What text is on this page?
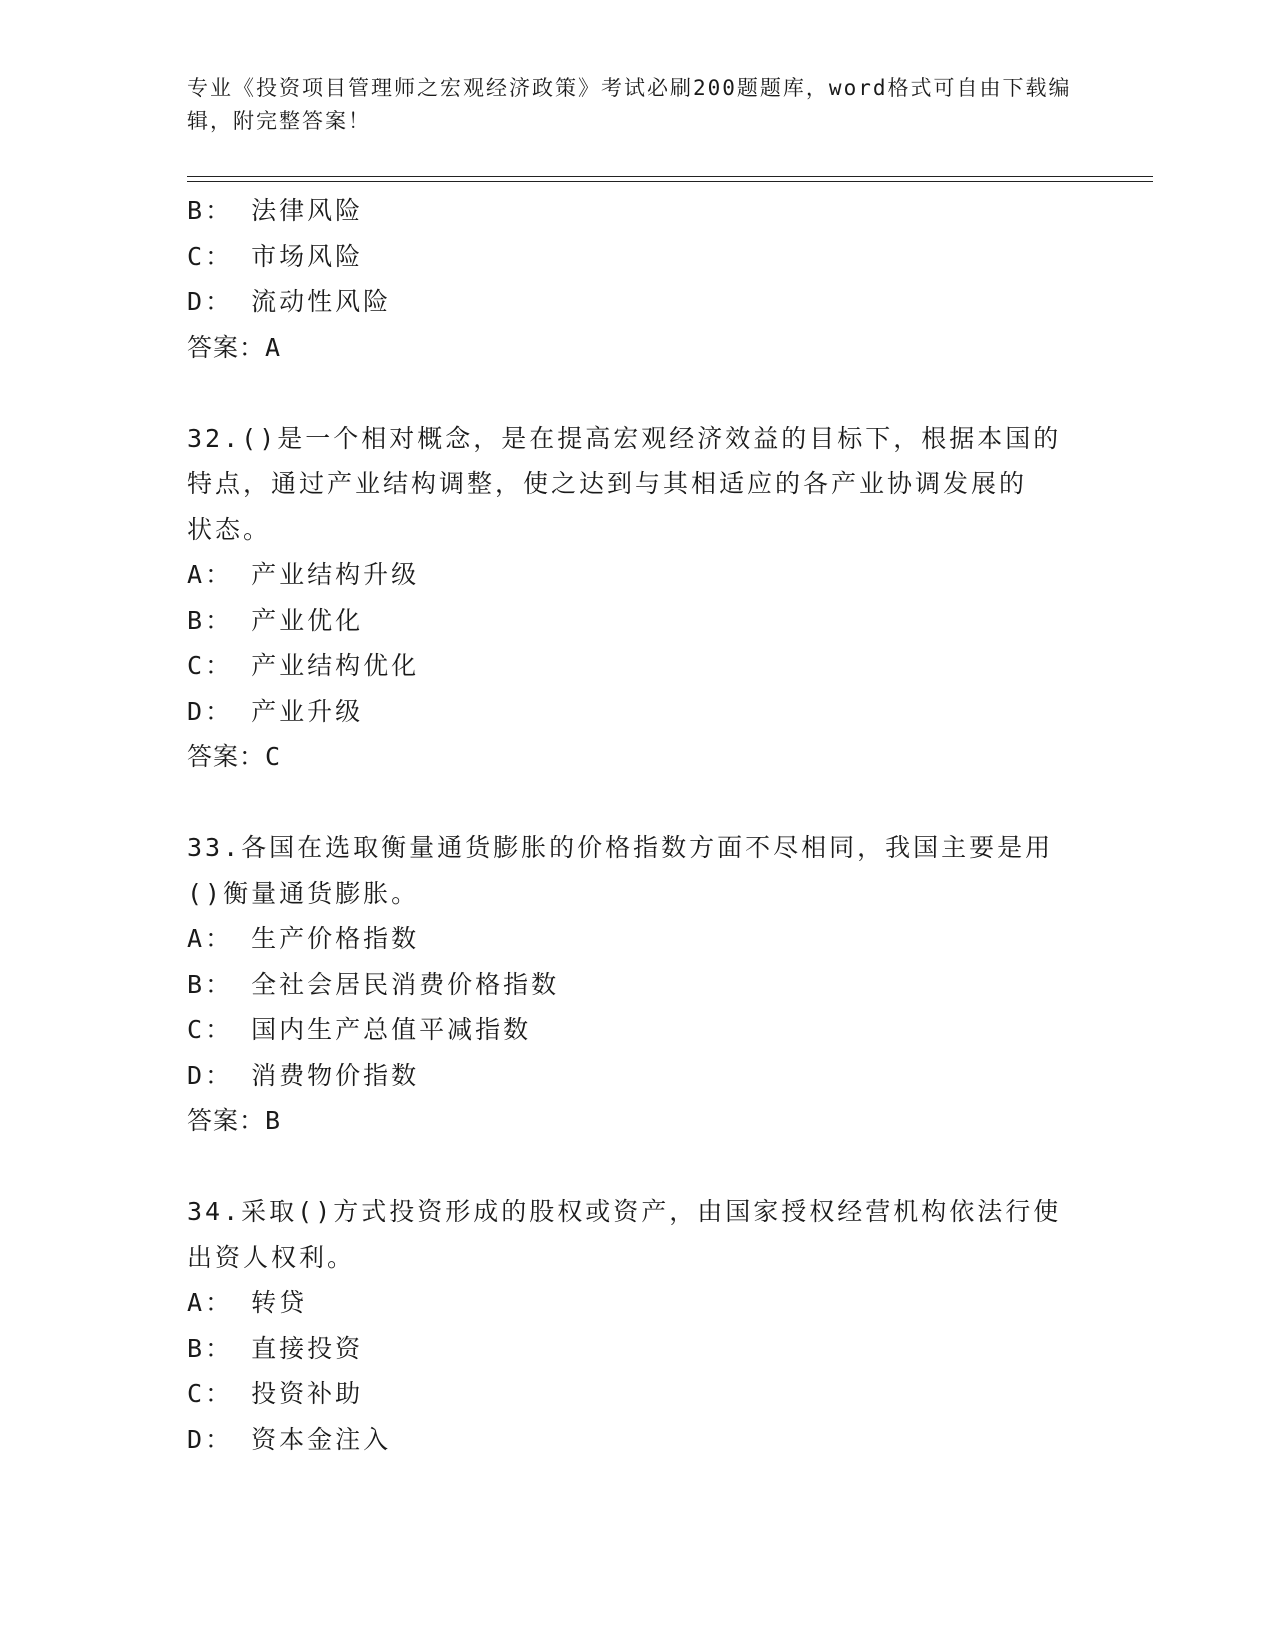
专业《投资项目管理师之宏观经济政策》考试必刷200题题库，word格式可自由下载编辑，附完整答案！
B： 法律风险
C： 市场风险
D： 流动性风险
答案：A
32.()是一个相对概念，是在提高宏观经济效益的目标下，根据本国的
特点，通过产业结构调整，使之达到与其相适应的各产业协调发展的
状态。
A： 产业结构升级
B： 产业优化
C： 产业结构优化
D： 产业升级
答案：C
33.各国在选取衡量通货膨胀的价格指数方面不尽相同，我国主要是用
()衡量通货膨胀。
A： 生产价格指数
B： 全社会居民消费价格指数
C： 国内生产总值平减指数
D： 消费物价指数
答案：B
34.采取()方式投资形成的股权或资产，由国家授权经营机构依法行使
出资人权利。
A： 转贷
B： 直接投资
C： 投资补助
D： 资本金注入
